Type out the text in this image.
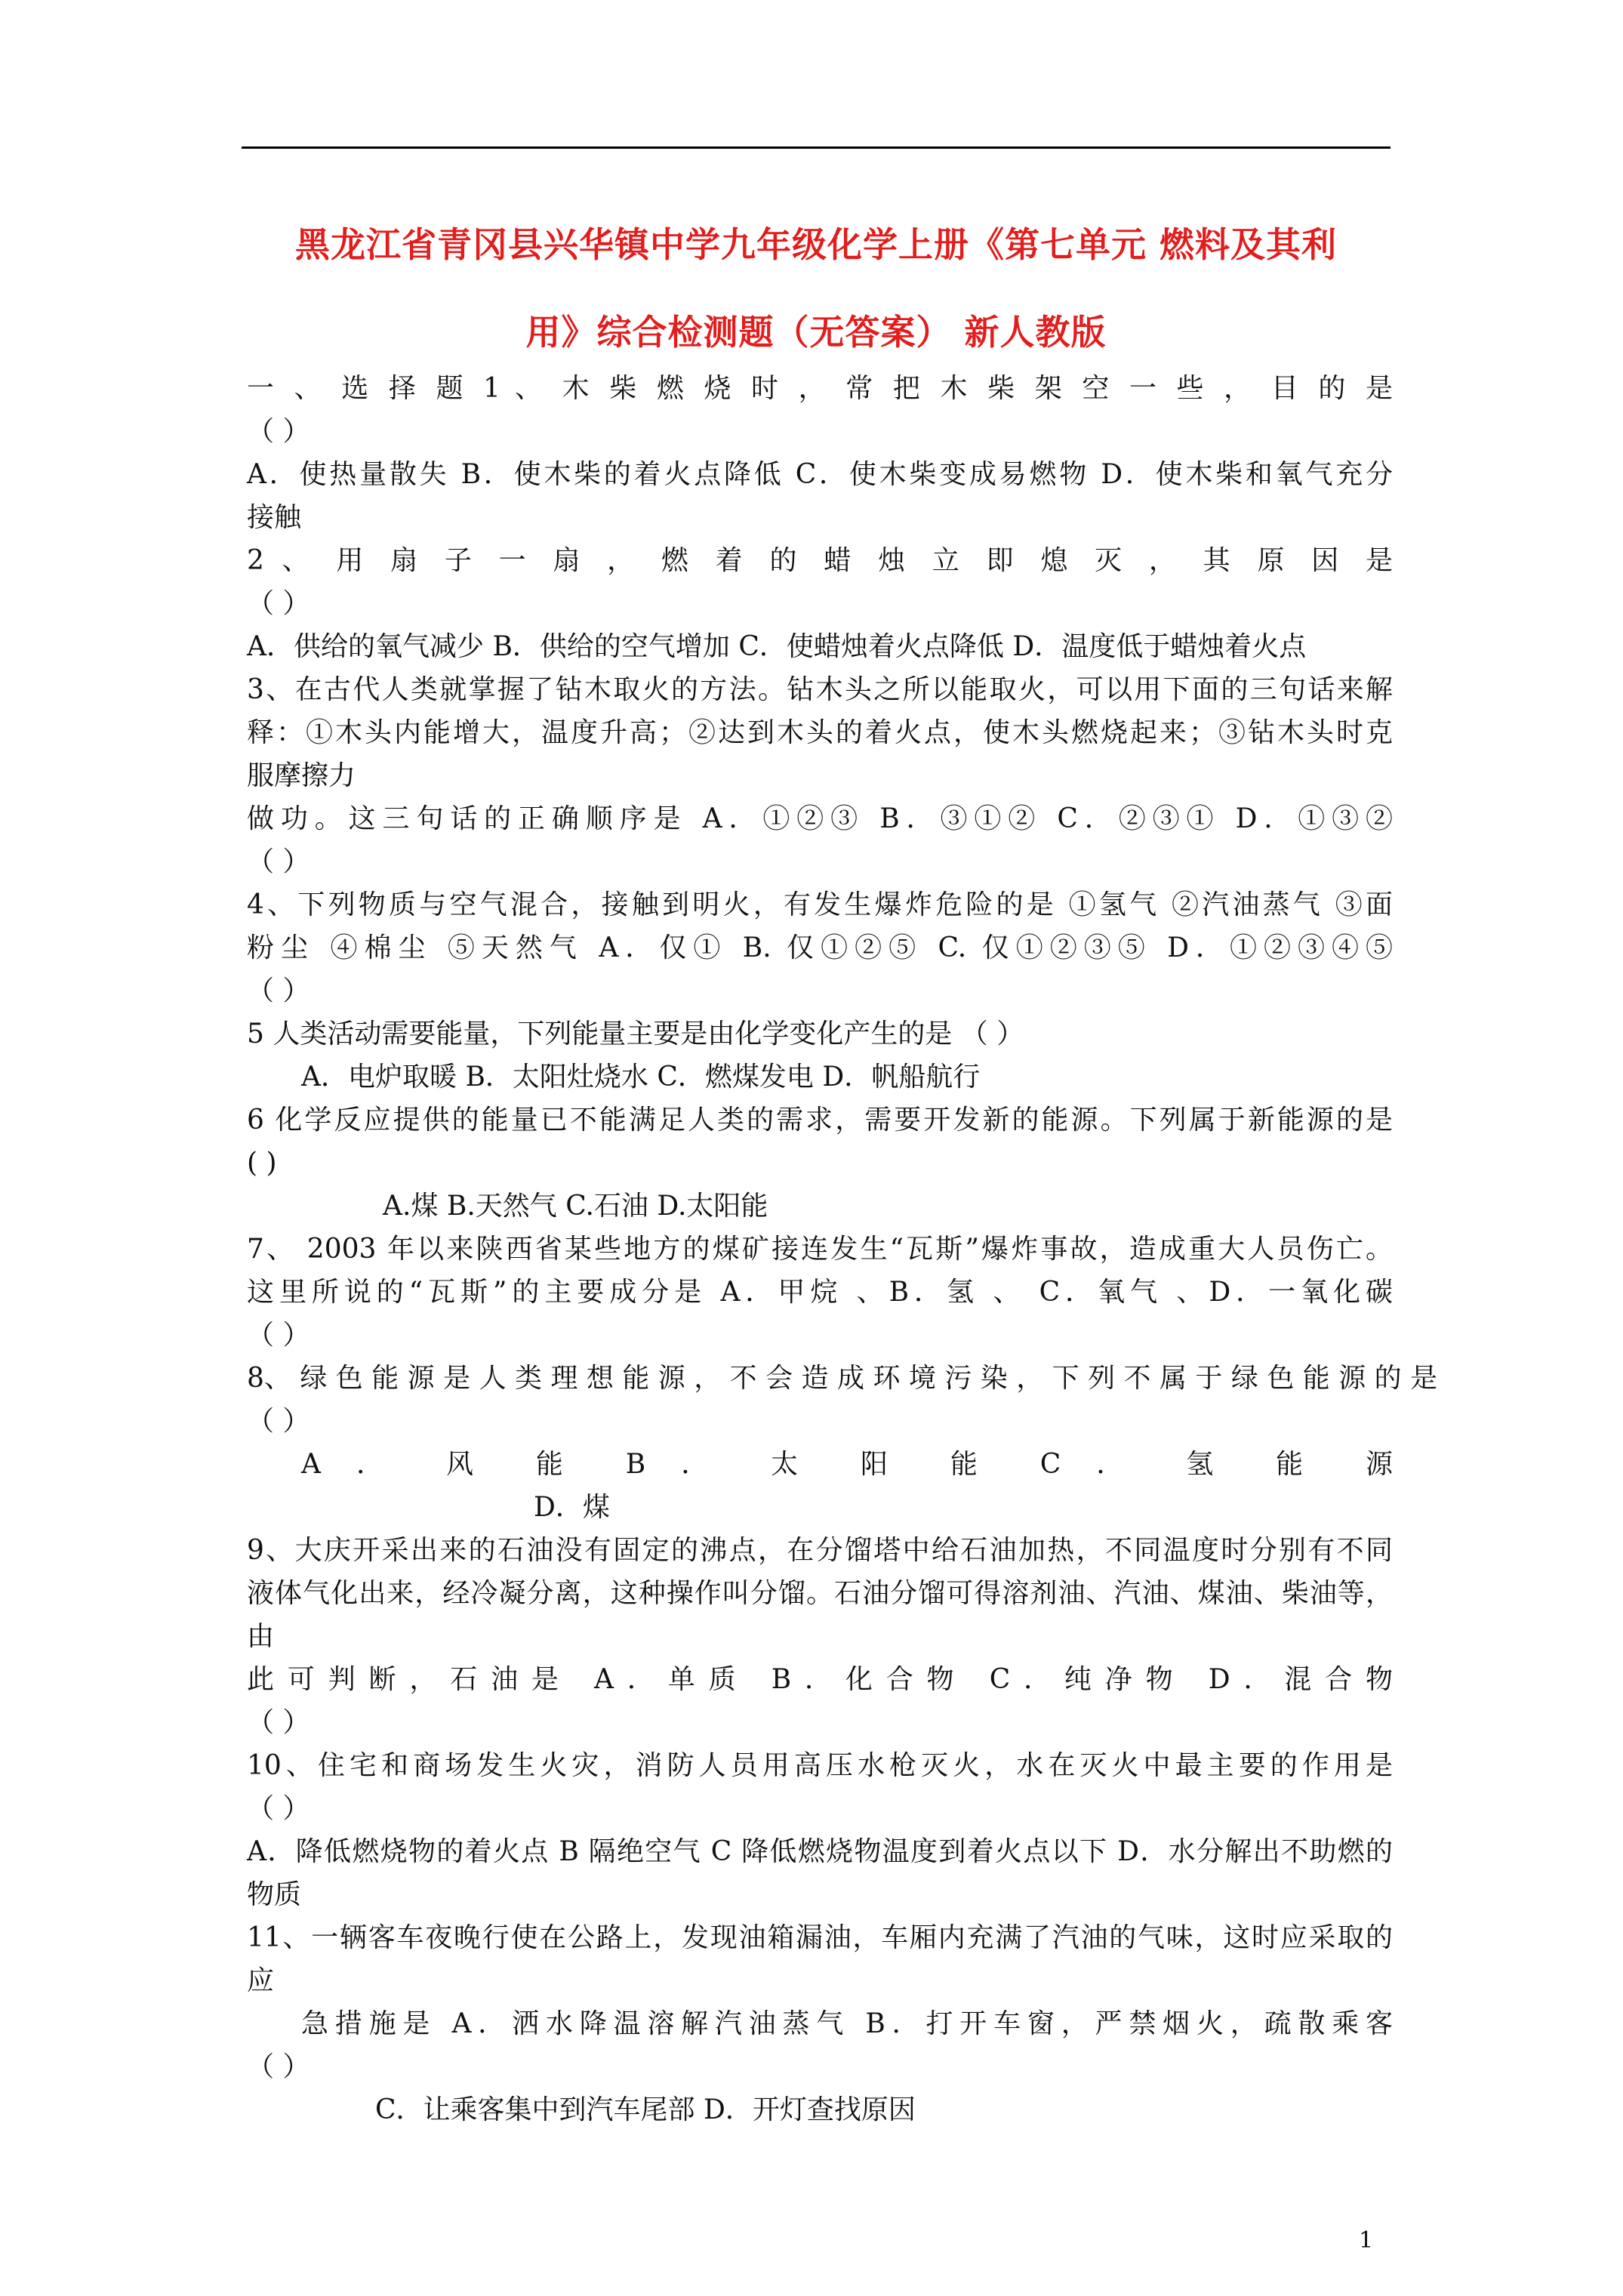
黑龙江省青冈县兴华镇中学九年级化学上册《第七单元 燃料及其利
用》综合检测题（无答案） 新人教版
一 、 选 择 题 1 、 木 柴 燃 烧 时 ， 常 把 木 柴 架 空 一 些 ， 目 的 是
（ ）
A．使热量散失 B．使木柴的着火点降低 C．使木柴变成易燃物 D．使木柴和氧气充分
接触
2 、 用 扇 子 一 扇 ， 燃 着 的 蜡 烛 立 即 熄 灭 ， 其 原 因 是
（ ）
A．供给的氧气减少 B．供给的空气增加 C．使蜡烛着火点降低 D．温度低于蜡烛着火点
3、在古代人类就掌握了钻木取火的方法。钻木头之所以能取火，可以用下面的三句话来解
释：①木头内能增大，温度升高；②达到木头的着火点，使木头燃烧起来；③钻木头时克
服摩擦力
做功。这三句话的正确顺序是 A．①②③ B．③①② C．②③① D．①③②
（ ）
4、下列物质与空气混合，接触到明火，有发生爆炸危险的是 ①氢气 ②汽油蒸气 ③面
粉尘 ④棉尘 ⑤天然气 A．仅① B. 仅①②⑤ C. 仅①②③⑤ D．①②③④⑤
（ ）
5 人类活动需要能量，下列能量主要是由化学变化产生的是 （ ）
A．电炉取暖 B．太阳灶烧水 C．燃煤发电 D．帆船航行
6 化学反应提供的能量已不能满足人类的需求，需要开发新的能源。下列属于新能源的是
( )
A.煤 B.天然气 C.石油 D.太阳能
7、 2003 年以来陕西省某些地方的煤矿接连发生“瓦斯”爆炸事故，造成重大人员伤亡。
这里所说的“瓦斯”的主要成分是 A．甲烷 、B．氢 、 C．氧气 、D．一氧化碳
（ ）
8、 绿 色 能 源 是 人 类 理 想 能 源 ， 不 会 造 成 环 境 污 染 ， 下 列 不 属 于 绿 色 能 源 的 是
（ ）
A ． 风 能 B ． 太 阳 能 C ． 氢 能 源
D．煤
9、大庆开采出来的石油没有固定的沸点，在分馏塔中给石油加热，不同温度时分别有不同
液体气化出来，经冷凝分离，这种操作叫分馏。石油分馏可得溶剂油、汽油、煤油、柴油等，
由
此可判断，石油是 A．单质 B．化合物 C．纯净物 D．混合物
（ ）
10、住宅和商场发生火灾，消防人员用高压水枪灭火，水在灭火中最主要的作用是
（ ）
A．降低燃烧物的着火点 B 隔绝空气 C 降低燃烧物温度到着火点以下 D．水分解出不助燃的
物质
11、一辆客车夜晚行使在公路上，发现油箱漏油，车厢内充满了汽油的气味，这时应采取的
应
急措施是 A．洒水降温溶解汽油蒸气 B．打开车窗，严禁烟火，疏散乘客
（ ）
C．让乘客集中到汽车尾部 D．开灯查找原因
1
